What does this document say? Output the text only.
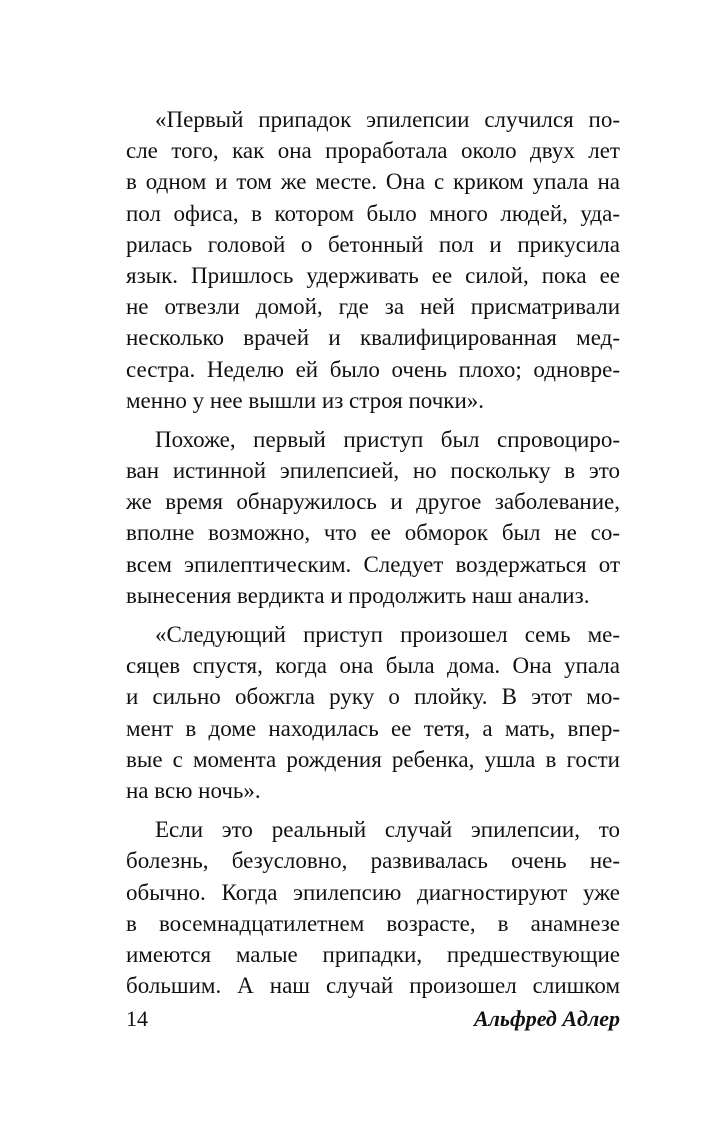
«Первый припадок эпилепсии случился по-
сле того, как она проработала около двух лет
в одном и том же месте. Она с криком упала на
пол офиса, в котором было много людей, уда-
рилась головой о бетонный пол и прикусила
язык. Пришлось удерживать ее силой, пока ее
не отвезли домой, где за ней присматривали
несколько врачей и квалифицированная мед-
сестра. Неделю ей было очень плохо; одновре-
менно у нее вышли из строя почки».
Похоже, первый приступ был спровоциро-
ван истинной эпилепсией, но поскольку в это
же время обнаружилось и другое заболевание,
вполне возможно, что ее обморок был не со-
всем эпилептическим. Следует воздержаться от
вынесения вердикта и продолжить наш анализ.
«Следующий приступ произошел семь ме-
сяцев спустя, когда она была дома. Она упала
и сильно обожгла руку о плойку. В этот мо-
мент в доме находилась ее тетя, а мать, впер-
вые с момента рождения ребенка, ушла в гости
на всю ночь».
Если это реальный случай эпилепсии, то
болезнь, безусловно, развивалась очень не-
обычно. Когда эпилепсию диагностируют уже
в восемнадцатилетнем возрасте, в анамнезе
имеются малые припадки, предшествующие
большим. А наш случай произошел слишком
14	Альфред Адлер
